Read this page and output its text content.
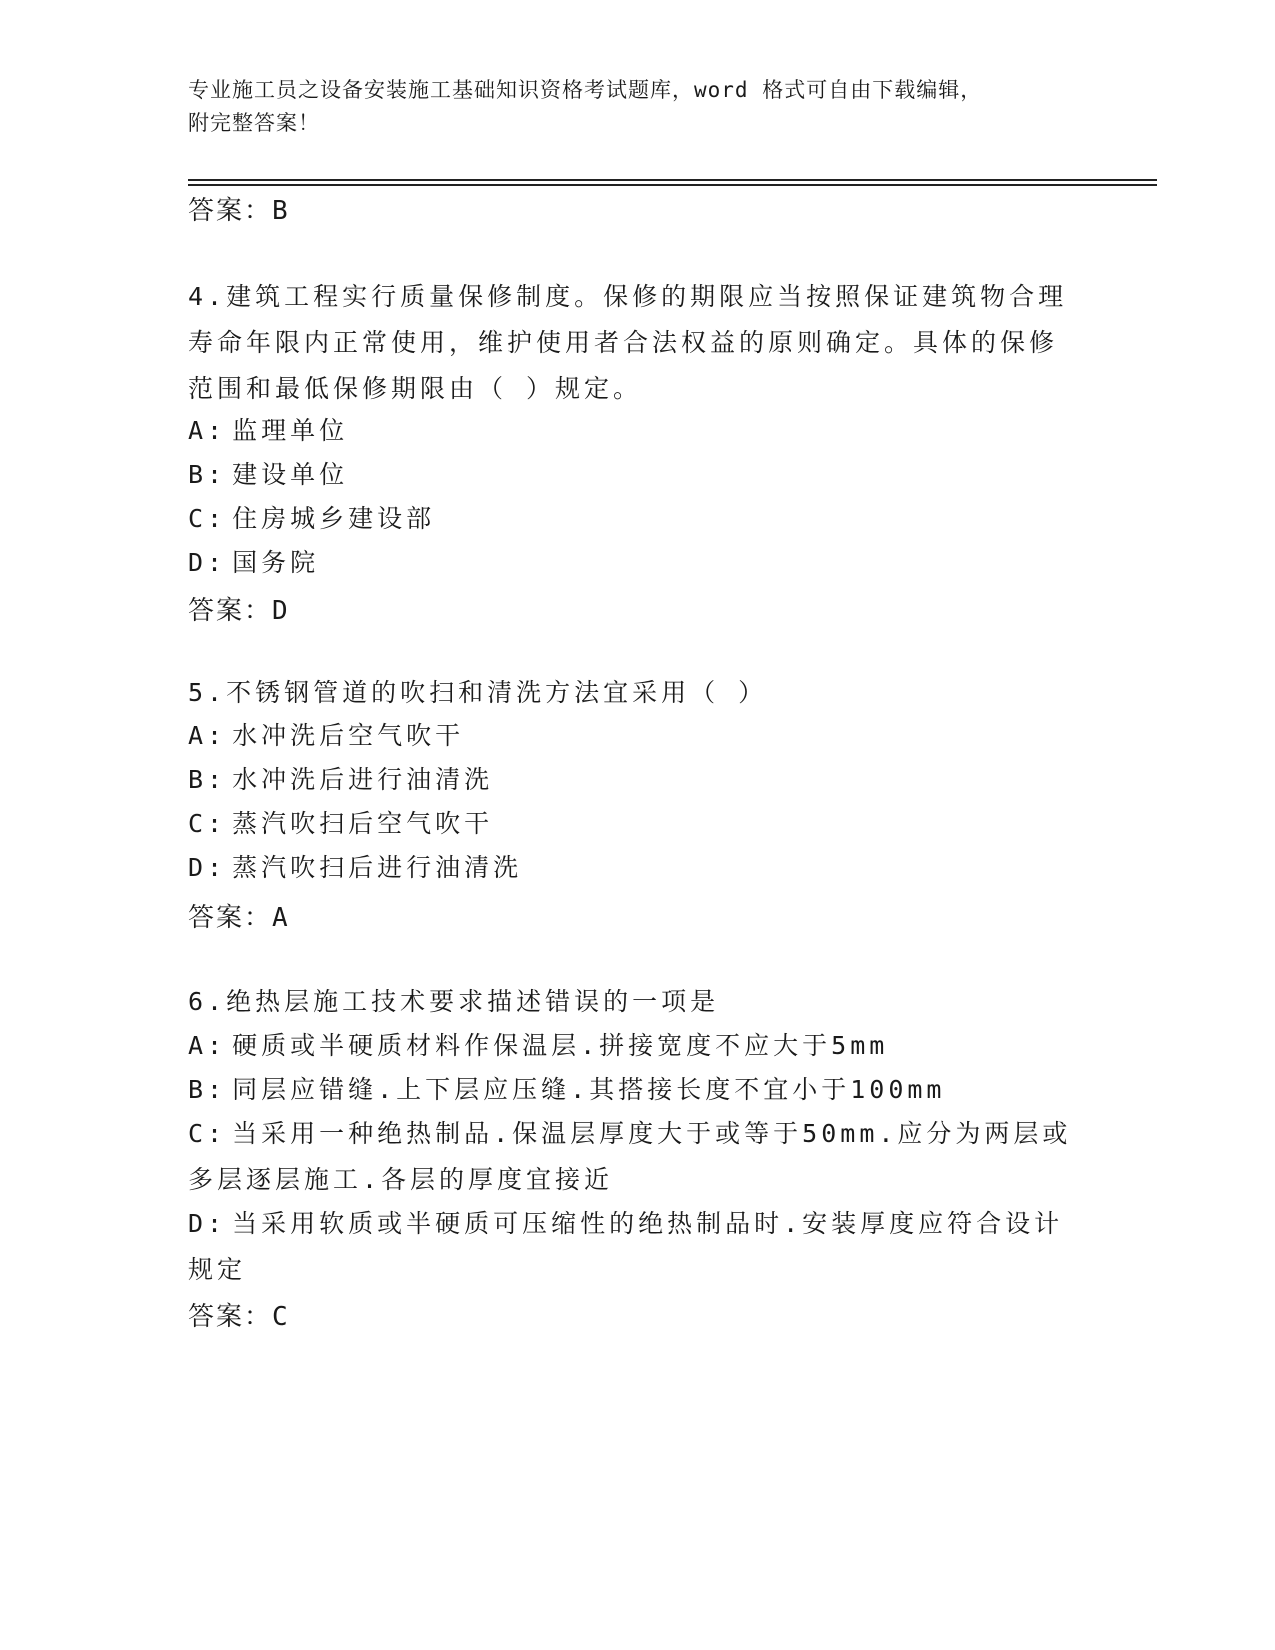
专业施工员之设备安装施工基础知识资格考试题库，word 格式可自由下载编辑，
附完整答案！
答案：B
4.建筑工程实行质量保修制度。保修的期限应当按照保证建筑物合理寿命年限内正常使用，维护使用者合法权益的原则确定。具体的保修范围和最低保修期限由（ ）规定。
A: 监理单位
B: 建设单位
C: 住房城乡建设部
D: 国务院
答案：D
5.不锈钢管道的吹扫和清洗方法宜采用（ ）
A: 水冲洗后空气吹干
B: 水冲洗后进行油清洗
C: 蒸汽吹扫后空气吹干
D: 蒸汽吹扫后进行油清洗
答案：A
6.绝热层施工技术要求描述错误的一项是
A: 硬质或半硬质材料作保温层.拼接宽度不应大于5mm
B: 同层应错缝.上下层应压缝.其搭接长度不宜小于100mm
C: 当采用一种绝热制品.保温层厚度大于或等于50mm.应分为两层或多层逐层施工.各层的厚度宜接近
D: 当采用软质或半硬质可压缩性的绝热制品时.安装厚度应符合设计规定
答案：C
